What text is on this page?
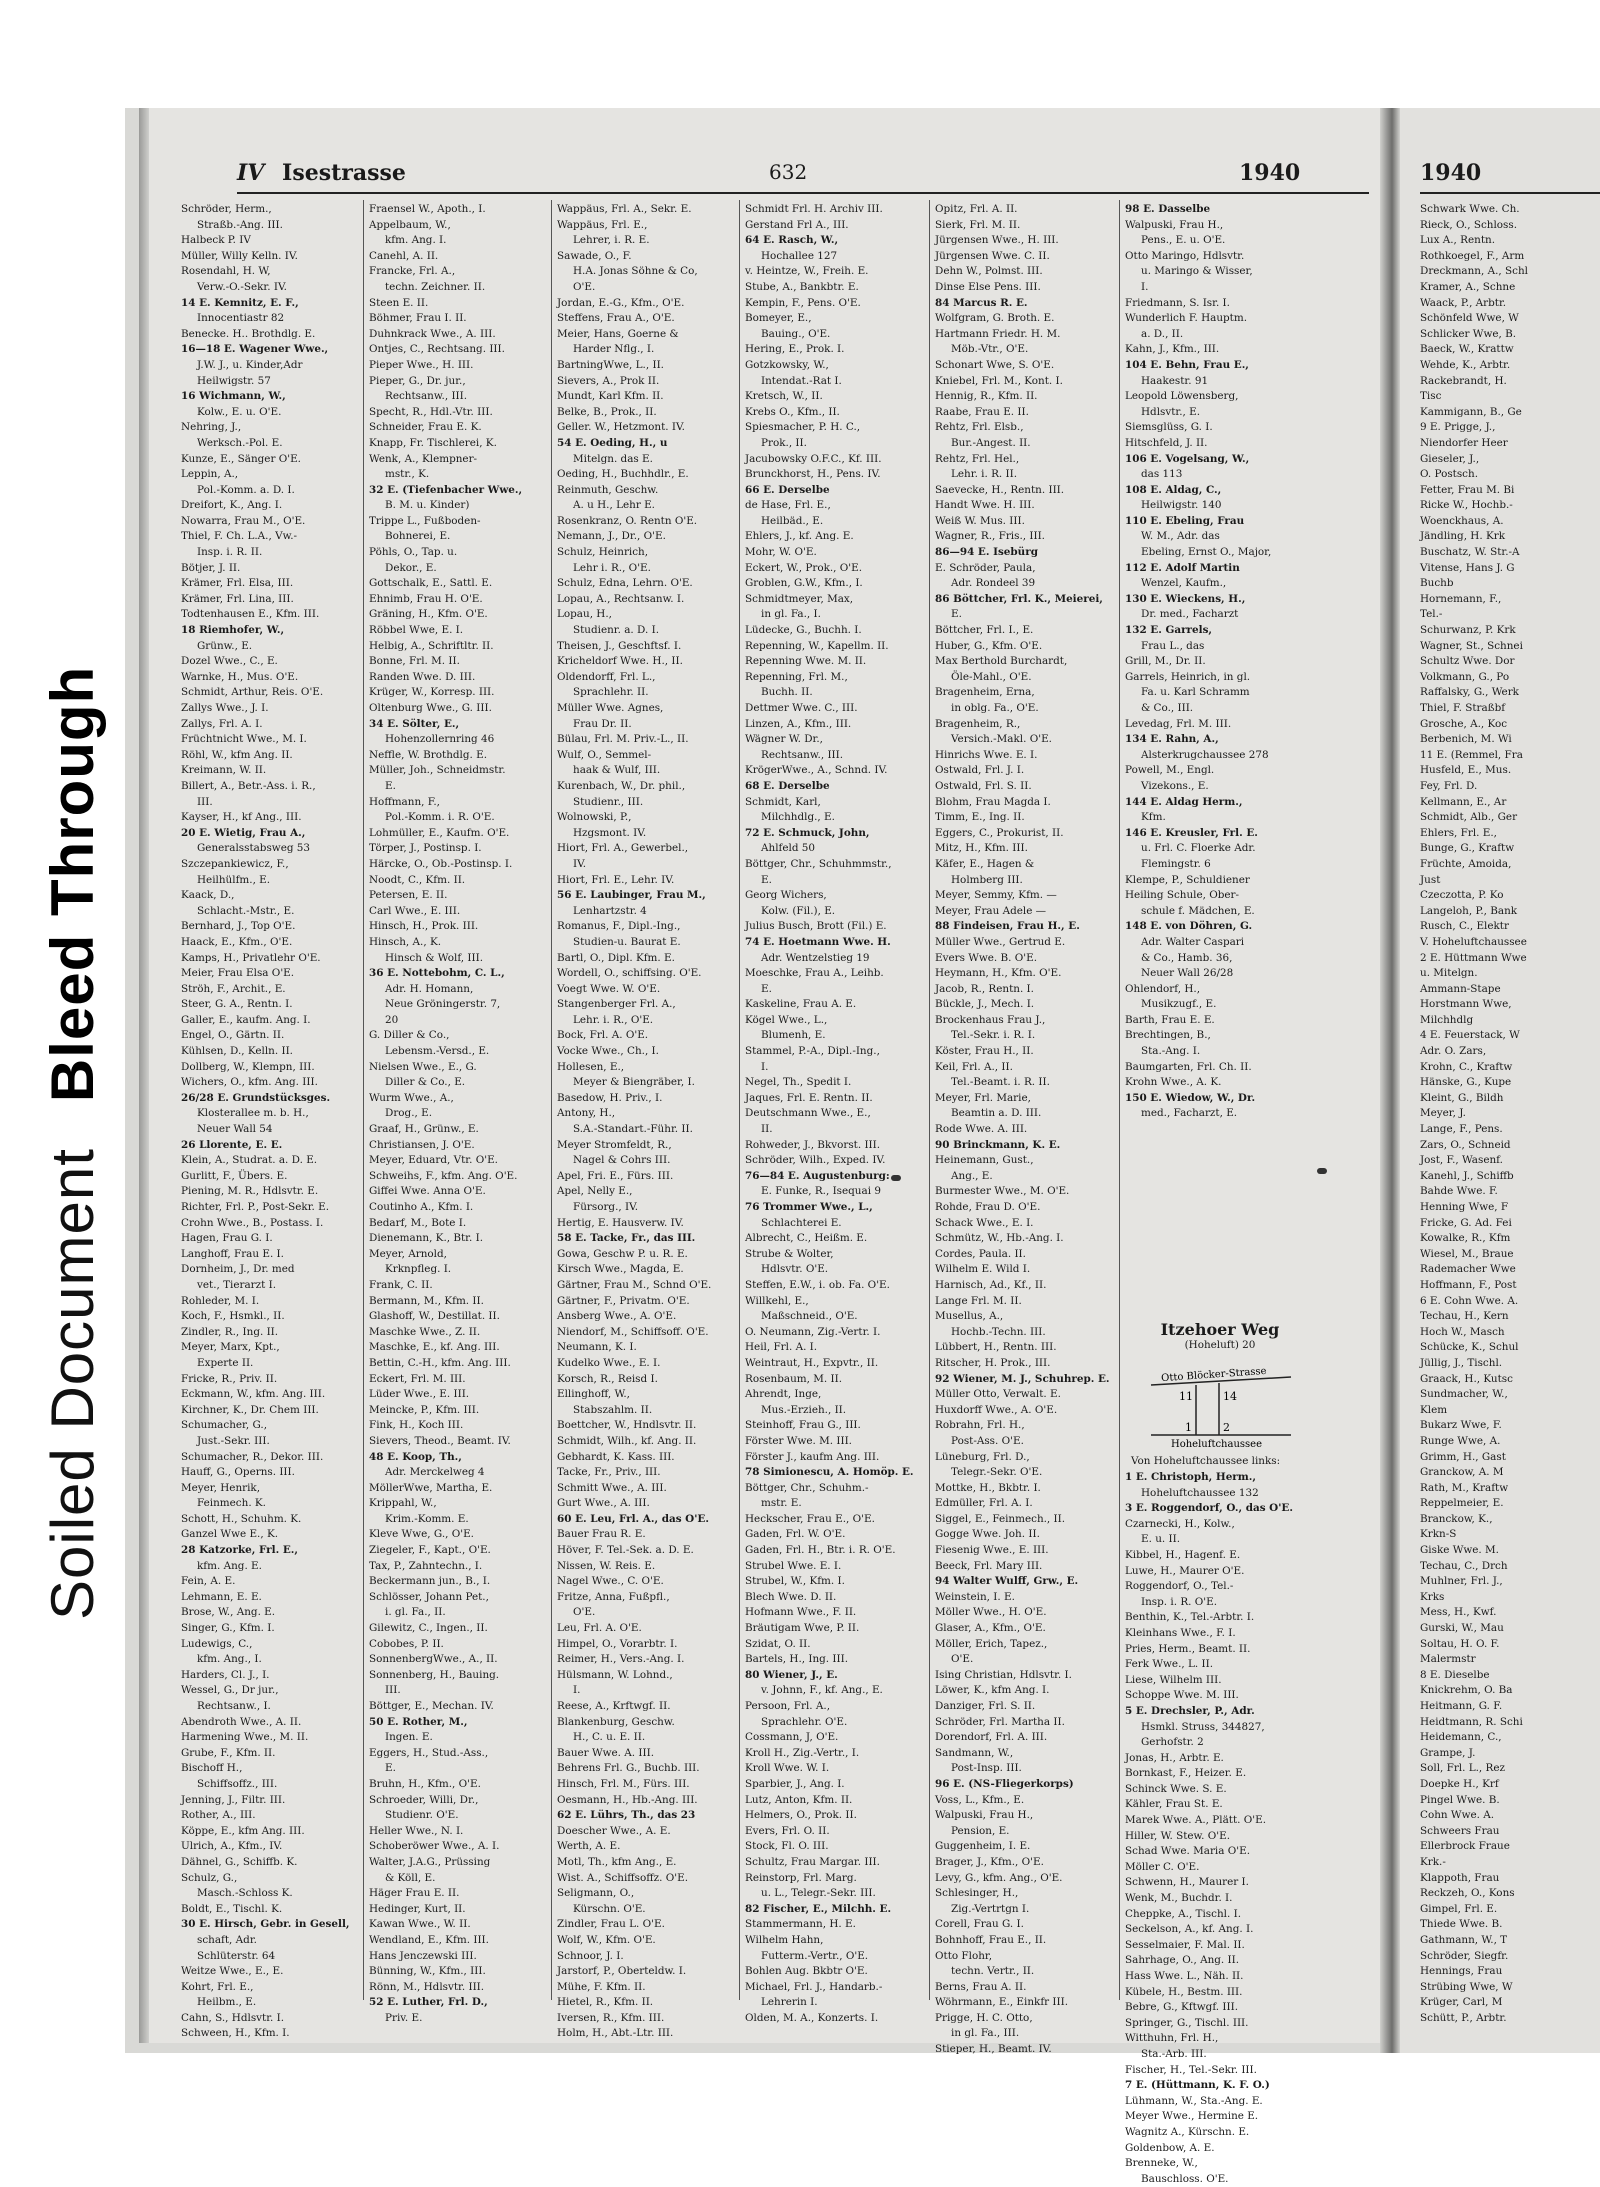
Soiled Document
Bleed Through
IV Isestrasse	632	1940
Schröder, Herm.,
Straßb.-Ang. III.
Halbeck P. IV
Müller, Willy Kelln. IV.
Rosendahl, H. W,
Verw.-O.-Sekr. IV.
14 E. Kemnitz, E. F.,
Innocentiastr 82
Benecke. H.. Brothdlg. E.
16—18 E. Wagener Wwe.,
J.W. J., u. Kinder,Adr
Heilwigstr. 57
16 Wichmann, W.,
Kolw., E. u. O'E.
Nehring, J.,
Werksch.-Pol. E.
Kunze, E., Sänger O'E.
Leppin, A.,
Pol.-Komm. a. D. I.
Dreifort, K., Ang. I.
Nowarra, Frau M., O'E.
Thiel, F. Ch. L.A., Vw.-
Insp. i. R. II.
Bötjer, J. II.
Krämer, Frl. Elsa, III.
Krämer, Frl. Lina, III.
Todtenhausen E., Kfm. III.
18 Riemhofer, W.,
Grünw., E.
Dozel Wwe., C., E.
Warnke, H., Mus. O'E.
Schmidt, Arthur, Reis. O'E.
Zallys Wwe., J. I.
Zallys, Frl. A. I.
Früchtnicht Wwe., M. I.
Röhl, W., kfm Ang. II.
Kreimann, W. II.
Billert, A., Betr.-Ass. i. R.,
III.
Kayser, H., kf Ang., III.
20 E. Wietig, Frau A.,
Generalsstabsweg 53
Szczepankiewicz, F.,
Heilhülfm., E.
Kaack, D.,
Schlacht.-Mstr., E.
Bernhard, J., Top O'E.
Haack, E., Kfm., O'E.
Kamps, H., Privatlehr O'E.
Meier, Frau Elsa O'E.
Ströh, F., Archit., E.
Steer, G. A., Rentn. I.
Galler, E., kaufm. Ang. I.
Engel, O., Gärtn. II.
Kühlsen, D., Kelln. II.
Dollberg, W., Klempn, III.
Wichers, O., kfm. Ang. III.
26/28 E. Grundstücksges.
Klosterallee m. b. H.,
Neuer Wall 54
26 Llorente, E. E.
Klein, A., Studrat. a. D. E.
Gurlitt, F., Übers. E.
Piening, M. R., Hdlsvtr. E.
Richter, Frl. P., Post-Sekr. E.
Crohn Wwe., B., Postass. I.
Hagen, Frau G. I.
Langhoff, Frau E. I.
Dornheim, J., Dr. med
vet., Tierarzt I.
Rohleder, M. I.
Koch, F., Hsmkl., II.
Zindler, R., Ing. II.
Meyer, Marx, Kpt.,
Experte II.
Fricke, R., Priv. II.
Eckmann, W., kfm. Ang. III.
Kirchner, K., Dr. Chem III.
Schumacher, G.,
Just.-Sekr. III.
Schumacher, R., Dekor. III.
Hauff, G., Operns. III.
Meyer, Henrik,
Feinmech. K.
Schott, H., Schuhm. K.
Ganzel Wwe E., K.
28 Katzorke, Frl. E.,
kfm. Ang. E.
Fein, A. E.
Lehmann, E. E.
Brose, W., Ang. E.
Singer, G., Kfm. I.
Ludewigs, C.,
kfm. Ang., I.
Harders, Cl. J., I.
Wessel, G., Dr jur.,
Rechtsanw., I.
Abendroth Wwe., A. II.
Harmening Wwe., M. II.
Grube, F., Kfm. II.
Bischoff H.,
Schiffsoffz., III.
Jenning, J., Filtr. III.
Rother, A., III.
Köppe, E., kfm Ang. III.
Ulrich, A., Kfm., IV.
Dähnel, G., Schiffb. K.
Schulz, G.,
Masch.-Schloss K.
Boldt, E., Tischl. K.
30 E. Hirsch, Gebr. in Gesell,
schaft, Adr.
Schlüterstr. 64
Weitze Wwe., E., E.
Kohrt, Frl. E.,
Heilbm., E.
Cahn, S., Hdlsvtr. I.
Schween, H., Kfm. I.
Fraensel W., Apoth., I.
Appelbaum, W.,
kfm. Ang. I.
Canehl, A. II.
Francke, Frl. A.,
techn. Zeichner. II.
Steen E. II.
Böhmer, Frau I. II.
Duhnkrack Wwe., A. III.
Ontjes, C., Rechtsang. III.
Pieper Wwe., H. III.
Pieper, G., Dr. jur.,
Rechtsanw., III.
Specht, R., Hdl.-Vtr. III.
Schneider, Frau E. K.
Knapp, Fr. Tischlerei, K.
Wenk, A., Klempner-
mstr., K.
32 E. (Tiefenbacher Wwe.,
B. M. u. Kinder)
Trippe L., Fußboden-
Bohnerei, E.
Pöhls, O., Tap. u.
Dekor., E.
Gottschalk, E., Sattl. E.
Ehnimb, Frau H. O'E.
Gräning, H., Kfm. O'E.
Röbbel Wwe, E. I.
Helbig, A., Schriftltr. II.
Bonne, Frl. M. II.
Randen Wwe. D. III.
Krüger, W., Korresp. III.
Oltenburg Wwe., G. III.
34 E. Sölter, E.,
Hohenzollernring 46
Neffle, W. Brothdlg. E.
Müller, Joh., Schneidmstr.
E.
Hoffmann, F.,
Pol.-Komm. i. R. O'E.
Lohmüller, E., Kaufm. O'E.
Törper, J., Postinsp. I.
Härcke, O., Ob.-Postinsp. I.
Noodt, C., Kfm. II.
Petersen, E. II.
Carl Wwe., E. III.
Hinsch, H., Prok. III.
Hinsch, A., K.
Hinsch & Wolf, III.
36 E. Nottebohm, C. L.,
Adr. H. Homann,
Neue Gröningerstr. 7,
20
G. Diller & Co.,
Lebensm.-Versd., E.
Nielsen Wwe., E., G.
Diller & Co., E.
Wurm Wwe., A.,
Drog., E.
Graaf, H., Grünw., E.
Christiansen, J. O'E.
Meyer, Eduard, Vtr. O'E.
Schweihs, F., kfm. Ang. O'E.
Giffei Wwe. Anna O'E.
Coutinho A., Kfm. I.
Bedarf, M., Bote I.
Dienemann, K., Btr. I.
Meyer, Arnold,
Krknpfleg. I.
Frank, C. II.
Bermann, M., Kfm. II.
Glashoff, W., Destillat. II.
Maschke Wwe., Z. II.
Maschke, E., kf. Ang. III.
Bettin, C.-H., kfm. Ang. III.
Eckert, Frl. M. III.
Lüder Wwe., E. III.
Meincke, P., Kfm. III.
Fink, H., Koch III.
Sievers, Theod., Beamt. IV.
48 E. Koop, Th.,
Adr. Merckelweg 4
MöllerWwe, Martha, E.
Krippahl, W.,
Krim.-Komm. E.
Kleve Wwe, G., O'E.
Ziegeler, F., Kapt., O'E.
Tax, P., Zahntechn., I.
Beckermann jun., B., I.
Schlösser, Johann Pet.,
i. gl. Fa., II.
Gilewitz, C., Ingen., II.
Cobobes, P. II.
SonnenbergWwe., A., II.
Sonnenberg, H., Bauing.
III.
Böttger, E., Mechan. IV.
50 E. Rother, M.,
Ingen. E.
Eggers, H., Stud.-Ass.,
E.
Bruhn, H., Kfm., O'E.
Schroeder, Willi, Dr.,
Studienr. O'E.
Heller Wwe., N. I.
Schoberöwer Wwe., A. I.
Walter, J.A.G., Prüssing
& Köll, E.
Häger Frau E. II.
Hedinger, Kurt, II.
Kawan Wwe., W. II.
Wendland, E., Kfm. III.
Hans Jenczewski III.
Bünning, W., Kfm., III.
Rönn, M., Hdlsvtr. III.
52 E. Luther, Frl. D.,
Priv. E.
Wappäus, Frl. A., Sekr. E.
Wappäus, Frl. E.,
Lehrer, i. R. E.
Sawade, O., F.
H.A. Jonas Söhne & Co,
O'E.
Jordan, E.-G., Kfm., O'E.
Steffens, Frau A., O'E.
Meier, Hans, Goerne &
Harder Nflg., I.
BartningWwe, L., II.
Sievers, A., Prok II.
Mundt, Karl Kfm. II.
Belke, B., Prok., II.
Geller. W., Hetzmont. IV.
54 E. Oeding, H., u
Mitelgn. das E.
Oeding, H., Buchhdlr., E.
Reinmuth, Geschw.
A. u H., Lehr E.
Rosenkranz, O. Rentn O'E.
Nemann, J., Dr., O'E.
Schulz, Heinrich,
Lehr i. R., O'E.
Schulz, Edna, Lehrn. O'E.
Lopau, A., Rechtsanw. I.
Lopau, H.,
Studienr. a. D. I.
Theisen, J., Geschftsf. I.
Kricheldorf Wwe. H., II.
Oldendorff, Frl. L.,
Sprachlehr. II.
Müller Wwe. Agnes,
Frau Dr. II.
Bülau, Frl. M. Priv.-L., II.
Wulf, O., Semmel-
haak & Wulf, III.
Kurenbach, W., Dr. phil.,
Studienr., III.
Wolnowski, P.,
Hzgsmont. IV.
Hiort, Frl. A., Gewerbel.,
IV.
Hiort, Frl. E., Lehr. IV.
56 E. Laubinger, Frau M.,
Lenhartzstr. 4
Romanus, F., Dipl.-Ing.,
Studien-u. Baurat E.
Bartl, O., Dipl. Kfm. E.
Wordell, O., schiffsing. O'E.
Voegt Wwe. W. O'E.
Stangenberger Frl. A.,
Lehr. i. R., O'E.
Bock, Frl. A. O'E.
Vocke Wwe., Ch., I.
Hollesen, E.,
Meyer & Biengräber, I.
Basedow, H. Priv., I.
Antony, H.,
S.A.-Standart.-Führ. II.
Meyer Stromfeldt, R.,
Nagel & Cohrs III.
Apel, Fri. E., Fürs. III.
Apel, Nelly E.,
Fürsorg., IV.
Hertig, E. Hausverw. IV.
58 E. Tacke, Fr., das III.
Gowa, Geschw P. u. R. E.
Kirsch Wwe., Magda, E.
Gärtner, Frau M., Schnd O'E.
Gärtner, F., Privatm. O'E.
Ansberg Wwe., A. O'E.
Niendorf, M., Schiffsoff. O'E.
Neumann, K. I.
Kudelko Wwe., E. I.
Korsch, R., Reisd I.
Ellinghoff, W.,
Stabszahlm. II.
Boettcher, W., Hndlsvtr. II.
Schmidt, Wilh., kf. Ang. II.
Gebhardt, K. Kass. III.
Tacke, Fr., Priv., III.
Schmitt Wwe., A. III.
Gurt Wwe., A. III.
60 E. Leu, Frl. A., das O'E.
Bauer Frau R. E.
Höver, F. Tel.-Sek. a. D. E.
Nissen, W. Reis. E.
Nagel Wwe., C. O'E.
Fritze, Anna, Fußpfl.,
O'E.
Leu, Frl. A. O'E.
Himpel, O., Vorarbtr. I.
Reimer, H., Vers.-Ang. I.
Hülsmann, W. Lohnd.,
I.
Reese, A., Krftwgf. II.
Blankenburg, Geschw.
H., C. u. E. II.
Bauer Wwe. A. III.
Behrens Frl. G., Buchb. III.
Hinsch, Frl. M., Fürs. III.
Oesmann, H., Hb.-Ang. III.
62 E. Lührs, Th., das 23
Doescher Wwe., A. E.
Werth, A. E.
Motl, Th., kfm Ang., E.
Wist. A., Schiffsoffz. O'E.
Seligmann, O.,
Kürschn. O'E.
Zindler, Frau L. O'E.
Wolf, W., Kfm. O'E.
Schnoor, J. I.
Jarstorf, P., Oberteldw. I.
Mühe, F. Kfm. II.
Hietel, R., Kfm. II.
Iversen, R., Kfm. III.
Holm, H., Abt.-Ltr. III.
Schmidt Frl. H. Archiv III.
Gerstand Frl A., III.
64 E. Rasch, W.,
Hochallee 127
v. Heintze, W., Freih. E.
Stube, A., Bankbtr. E.
Kempin, F., Pens. O'E.
Bomeyer, E.,
Bauing., O'E.
Hering, E., Prok. I.
Gotzkowsky, W.,
Intendat.-Rat I.
Kretsch, W., II.
Krebs O., Kfm., II.
Spiesmacher, P. H. C.,
Prok., II.
Jacubowsky O.F.C., Kf. III.
Brunckhorst, H., Pens. IV.
66 E. Derselbe
de Hase, Frl. E.,
Heilbäd., E.
Ehlers, J., kf. Ang. E.
Mohr, W. O'E.
Eckert, W., Prok., O'E.
Groblen, G.W., Kfm., I.
Schmidtmeyer, Max,
in gl. Fa., I.
Lüdecke, G., Buchh. I.
Repenning, W., Kapellm. II.
Repenning Wwe. M. II.
Repenning, Frl. M.,
Buchh. II.
Dettmer Wwe. C., III.
Linzen, A., Kfm., III.
Wägner W. Dr.,
Rechtsanw., III.
KrögerWwe., A., Schnd. IV.
68 E. Derselbe
Schmidt, Karl,
Milchhdlg., E.
72 E. Schmuck, John,
Ahlfeld 50
Böttger, Chr., Schuhmmstr.,
E.
Georg Wichers,
Kolw. (Fil.), E.
Julius Busch, Brott (Fil.) E.
74 E. Hoetmann Wwe. H.
Adr. Wentzelstieg 19
Moeschke, Frau A., Leihb.
E.
Kaskeline, Frau A. E.
Kögel Wwe., L.,
Blumenh, E.
Stammel, P.-A., Dipl.-Ing.,
I.
Negel, Th., Spedit I.
Jaques, Frl. E. Rentn. II.
Deutschmann Wwe., E.,
II.
Rohweder, J., Bkvorst. III.
Schröder, Wilh., Exped. IV.
76—84 E. Augustenburg:
E. Funke, R., Isequai 9
76 Trommer Wwe., L.,
Schlachterei E.
Albrecht, C., Heißm. E.
Strube & Wolter,
Hdlsvtr. O'E.
Steffen, E.W., i. ob. Fa. O'E.
Willkehl, E.,
Maßschneid., O'E.
O. Neumann, Zig.-Vertr. I.
Heil, Frl. A. I.
Weintraut, H., Expvtr., II.
Rosenbaum, M. II.
Ahrendt, Inge,
Mus.-Erzieh., II.
Steinhoff, Frau G., III.
Förster Wwe. M. III.
Förster J., kaufm Ang. III.
78 Simionescu, A. Homöp. E.
Böttger, Chr., Schuhm.-
mstr. E.
Heckscher, Frau E., O'E.
Gaden, Frl. W. O'E.
Gaden, Frl. H., Btr. i. R. O'E.
Strubel Wwe. E. I.
Strubel, W., Kfm. I.
Blech Wwe. D. II.
Hofmann Wwe., F. II.
Bräutigam Wwe, P. II.
Szidat, O. II.
Bartels, H., Ing. III.
80 Wiener, J., E.
v. Johnn, F., kf. Ang., E.
Persoon, Frl. A.,
Sprachlehr. O'E.
Cossmann, J, O'E.
Kroll H., Zig.-Vertr., I.
Kroll Wwe. W. I.
Sparbier, J., Ang. I.
Lutz, Anton, Kfm. II.
Helmers, O., Prok. II.
Evers, Frl. O. II.
Stock, Fl. O. III.
Schultz, Frau Margar. III.
Reinstorp, Frl. Marg.
u. L., Telegr.-Sekr. III.
82 Fischer, E., Milchh. E.
Stammermann, H. E.
Wilhelm Hahn,
Futterm.-Vertr., O'E.
Bohlen Aug. Bkbtr O'E.
Michael, Frl. J., Handarb.-
Lehrerin I.
Olden, M. A., Konzerts. I.
Opitz, Frl. A. II.
Sierk, Frl. M. II.
Jürgensen Wwe., H. III.
Jürgensen Wwe. C. II.
Dehn W., Polmst. III.
Dinse Else Pens. III.
84 Marcus R. E.
Wolfgram, G. Broth. E.
Hartmann Friedr. H. M.
Möb.-Vtr., O'E.
Schonart Wwe, S. O'E.
Kniebel, Frl. M., Kont. I.
Hennig, R., Kfm. II.
Raabe, Frau E. II.
Rehtz, Frl. Elsb.,
Bur.-Angest. II.
Rehtz, Frl. Hel.,
Lehr. i. R. II.
Saevecke, H., Rentn. III.
Handt Wwe. H. III.
Weiß W. Mus. III.
Wagner, R., Fris., III.
86—94 E. Isebürg
E. Schröder, Paula,
Adr. Rondeel 39
86 Böttcher, Frl. K., Meierei,
E.
Böttcher, Frl. I., E.
Huber, G., Kfm. O'E.
Max Berthold Burchardt,
Öle-Mahl., O'E.
Bragenheim, Erna,
in oblg. Fa., O'E.
Bragenheim, R.,
Versich.-Makl. O'E.
Hinrichs Wwe. E. I.
Ostwald, Frl. J. I.
Ostwald, Frl. S. II.
Blohm, Frau Magda I.
Timm, E., Ing. II.
Eggers, C., Prokurist, II.
Mitz, H., Kfm. III.
Käfer, E., Hagen &
Holmberg III.
Meyer, Semmy, Kfm. —
Meyer, Frau Adele —
88 Findeisen, Frau H., E.
Müller Wwe., Gertrud E.
Evers Wwe. B. O'E.
Heymann, H., Kfm. O'E.
Jacob, R., Rentn. I.
Bückle, J., Mech. I.
Brockenhaus Frau J.,
Tel.-Sekr. i. R. I.
Köster, Frau H., II.
Keil, Frl. A., II.
Tel.-Beamt. i. R. II.
Meyer, Frl. Marie,
Beamtin a. D. III.
Rode Wwe. A. III.
90 Brinckmann, K. E.
Heinemann, Gust.,
Ang., E.
Burmester Wwe., M. O'E.
Rohde, Frau D. O'E.
Schack Wwe., E. I.
Schmütz, W., Hb.-Ang. I.
Cordes, Paula. II.
Wilhelm E. Wild I.
Harnisch, Ad., Kf., II.
Lange Frl. M. II.
Musellus, A.,
Hochb.-Techn. III.
Lübbert, H., Rentn. III.
Ritscher, H. Prok., III.
92 Wiener, M. J., Schuhrep. E.
Müller Otto, Verwalt. E.
Huxdorff Wwe., A. O'E.
Robrahn, Frl. H.,
Post-Ass. O'E.
Lüneburg, Frl. D.,
Telegr.-Sekr. O'E.
Mottke, H., Bkbtr. I.
Edmüller, Frl. A. I.
Siggel, E., Feinmech., II.
Gogge Wwe. Joh. II.
Fiesenig Wwe., E. III.
Beeck, Frl. Mary III.
94 Walter Wulff, Grw., E.
Weinstein, I. E.
Möller Wwe., H. O'E.
Glaser, A., Kfm., O'E.
Möller, Erich, Tapez.,
O'E.
Ising Christian, Hdlsvtr. I.
Löwer, K., kfm Ang. I.
Danziger, Frl. S. II.
Schröder, Frl. Martha II.
Dorendorf, Frl. A. III.
Sandmann, W.,
Post-Insp. III.
96 E. (NS-Fliegerkorps)
Voss, L., Kfm., E.
Walpuski, Frau H.,
Pension, E.
Guggenheim, I. E.
Brager, J., Kfm., O'E.
Levy, G., kfm. Ang., O'E.
Schlesinger, H.,
Zig.-Vertrtgn I.
Corell, Frau G. I.
Bohnhoff, Frau E., II.
Otto Flohr,
techn. Vertr., II.
Berns, Frau A. II.
Wöhrmann, E., Einkfr III.
Prigge, H. C. Otto,
in gl. Fa., III.
Stieper, H., Beamt. IV.
98 E. Dasselbe
Walpuski, Frau H.,
Pens., E. u. O'E.
Otto Maringo, Hdlsvtr.
u. Maringo & Wisser,
I.
Friedmann, S. Isr. I.
Wunderlich F. Hauptm.
a. D., II.
Kahn, J., Kfm., III.
104 E. Behn, Frau E.,
Haakestr. 91
Leopold Löwensberg,
Hdlsvtr., E.
Siemsglüss, G. I.
Hitschfeld, J. II.
106 E. Vogelsang, W.,
das 113
108 E. Aldag, C.,
Heilwigstr. 140
110 E. Ebeling, Frau
W. M., Adr. das
Ebeling, Ernst O., Major,
112 E. Adolf Martin
Wenzel, Kaufm.,
130 E. Wieckens, H.,
Dr. med., Facharzt
132 E. Garrels,
Frau L., das
Grill, M., Dr. II.
Garrels, Heinrich, in gl.
Fa. u. Karl Schramm
& Co., III.
Levedag, Frl. M. III.
134 E. Rahn, A.,
Alsterkrugchaussee 278
Powell, M., Engl.
Vizekons., E.
144 E. Aldag Herm.,
Kfm.
146 E. Kreusler, Frl. E.
u. Frl. C. Floerke Adr.
Flemingstr. 6
Klempe, P., Schuldiener
Heiling Schule, Ober-
schule f. Mädchen, E.
148 E. von Döhren, G.
Adr. Walter Caspari
& Co., Hamb. 36,
Neuer Wall 26/28
Ohlendorf, H.,
Musikzugf., E.
Barth, Frau E. E.
Brechtingen, B.,
Sta.-Ang. I.
Baumgarten, Frl. Ch. II.
Krohn Wwe., A. K.
150 E. Wiedow, W., Dr.
med., Facharzt, E.
Itzehoer Weg
(Hoheluft) 20
Otto Blöcker-Strasse
11	14
1	2
Hoheluftchaussee
Von Hoheluftchaussee links:
1 E. Christoph, Herm.,
Hoheluftchaussee 132
3 E. Roggendorf, O., das O'E.
Czarnecki, H., Kolw.,
E. u. II.
Kibbel, H., Hagenf. E.
Luwe, H., Maurer O'E.
Roggendorf, O., Tel.-
Insp. i. R. O'E.
Benthin, K., Tel.-Arbtr. I.
Kleinhans Wwe., F. I.
Pries, Herm., Beamt. II.
Ferk Wwe., L. II.
Liese, Wilhelm III.
Schoppe Wwe. M. III.
5 E. Drechsler, P., Adr.
Hsmkl. Struss, 344827,
Gerhofstr. 2
Jonas, H., Arbtr. E.
Bornkast, F., Heizer. E.
Schinck Wwe. S. E.
Kähler, Frau St. E.
Marek Wwe. A., Plätt. O'E.
Hiller, W. Stew. O'E.
Schad Wwe. Maria O'E.
Möller C. O'E.
Schwenn, H., Maurer I.
Wenk, M., Buchdr. I.
Cheppke, A., Tischl. I.
Seckelson, A., kf. Ang. I.
Sesselmaier, F. Mal. II.
Sahrhage, O., Ang. II.
Hass Wwe. L., Näh. II.
Kübele, H., Bestm. III.
Bebre, G., Kftwgf. III.
Springer, G., Tischl. III.
Witthuhn, Frl. H.,
Sta.-Arb. III.
Fischer, H., Tel.-Sekr. III.
7 E. (Hüttmann, K. F. O.)
Lühmann, W., Sta.-Ang. E.
Meyer Wwe., Hermine E.
Wagnitz A., Kürschn. E.
Goldenbow, A. E.
Brenneke, W.,
Bauschloss. O'E.
1940
Schwark Wwe. Ch.
Rieck, O., Schloss.
Lux A., Rentn.
Rothkoegel, F., Arm
Dreckmann, A., Schl
Kramer, A., Schne
Waack, P., Arbtr.
Schönfeld Wwe, W
Schlicker Wwe, B.
Baeck, W., Krattw
Wehde, K., Arbtr.
Rackebrandt, H.
Tisc
Kammigann, B., Ge
9 E. Prigge, J.,
Niendorfer Heer
Gieseler, J.,
O. Postsch.
Fetter, Frau M. Bi
Ricke W., Hochb.-
Woenckhaus, A.
Jändling, H. Krk
Buschatz, W. Str.-A
Vitense, Hans J. G
Buchb
Hornemann, F.,
Tel.-
Schurwanz, P. Krk
Wagner, St., Schnei
Schultz Wwe. Dor
Volkmann, G., Po
Raffalsky, G., Werk
Thiel, F. Straßbf
Grosche, A., Koc
Berbenich, M. Wi
11 E. (Remmel, Fra
Husfeld, E., Mus.
Fey, Frl. D.
Kellmann, E., Ar
Schmidt, Alb., Ger
Ehlers, Frl. E.,
Bunge, G., Kraftw
Früchte, Amoida,
Just
Czeczotta, P. Ko
Langeloh, P., Bank
Rusch, C., Elektr
V. Hoheluftchaussee
2 E. Hüttmann Wwe
u. Mitelgn.
Ammann-Stape
Horstmann Wwe,
Milchhdlg
4 E. Feuerstack, W
Adr. O. Zars,
Krohn, C., Kraftw
Hänske, G., Kupe
Kleint, G., Bildh
Meyer, J.
Lange, F., Pens.
Zars, O., Schneid
Jost, F., Wasenf.
Kanehl, J., Schiffb
Bahde Wwe. F.
Henning Wwe, F
Fricke, G. Ad. Fei
Kowalke, R., Kfm
Wiesel, M., Braue
Rademacher Wwe
Hoffmann, F., Post
6 E. Cohn Wwe. A.
Techau, H., Kern
Hoch W., Masch
Schücke, K., Schul
Jüllig, J., Tischl.
Graack, H., Kutsc
Sundmacher, W.,
Klem
Bukarz Wwe, F.
Runge Wwe, A.
Grimm, H., Gast
Granckow, A. M
Rath, M., Kraftw
Reppelmeier, E.
Branckow, K.,
Krkn-S
Giske Wwe. M.
Techau, C., Drch
Muhlner, Frl. J.,
Krks
Mess, H., Kwf.
Gurski, W., Mau
Soltau, H. O. F.
Malermstr
8 E. Dieselbe
Knickrehm, O. Ba
Heitmann, G. F.
Heidtmann, R. Schi
Heidemann, C.,
Grampe, J.
Soll, Frl. L., Rez
Doepke H., Krf
Pingel Wwe. B.
Cohn Wwe. A.
Schweers Frau
Ellerbrock Fraue
Krk.-
Klappoth, Frau
Reckzeh, O., Kons
Gimpel, Frl. E.
Thiede Wwe. B.
Gathmann, W., T
Schröder, Siegfr.
Hennings, Frau
Strübing Wwe, W
Krüger, Carl, M
Schütt, P., Arbtr.
